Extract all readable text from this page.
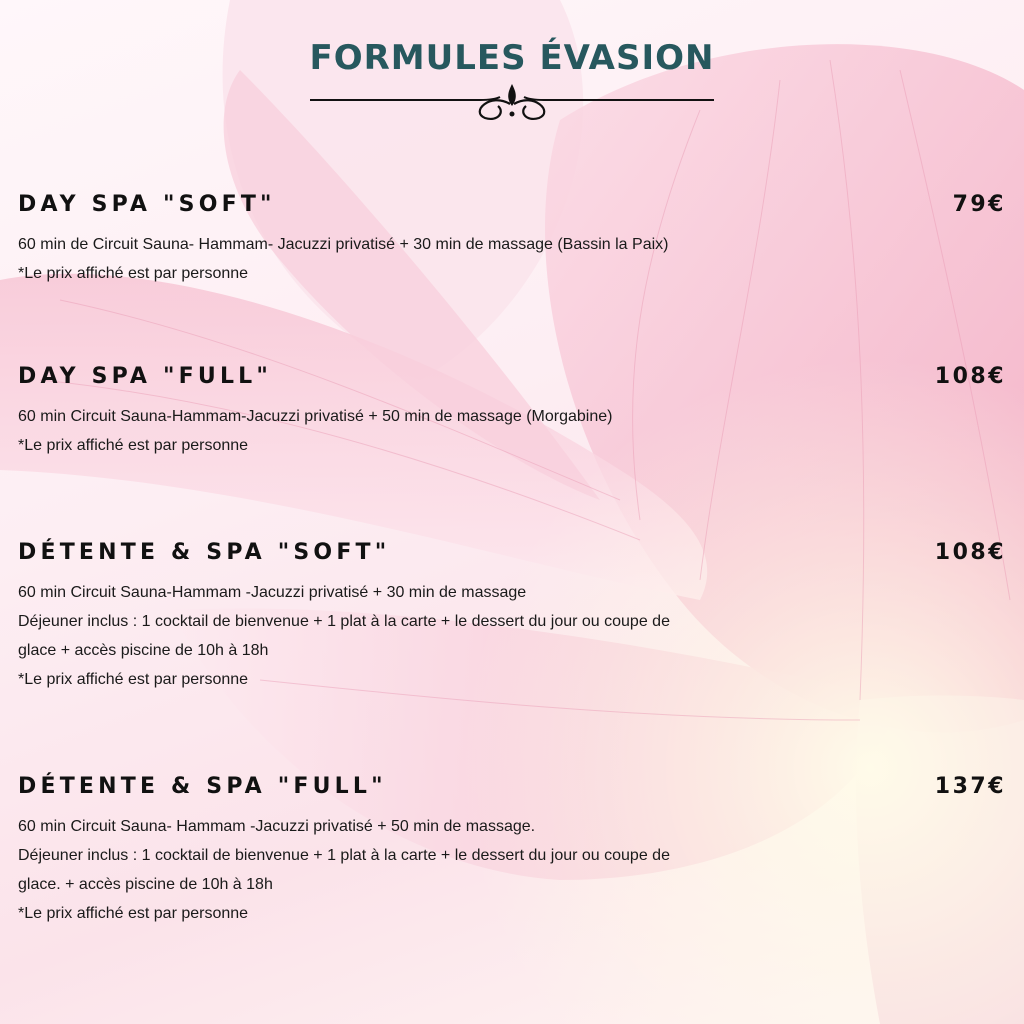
FORMULES ÉVASION
DAY SPA "SOFT"	79€
60 min de Circuit Sauna- Hammam- Jacuzzi privatisé + 30 min de massage (Bassin la Paix)
*Le prix affiché est par personne
DAY SPA "FULL"	108€
60 min Circuit Sauna-Hammam-Jacuzzi privatisé + 50 min de massage (Morgabine)
*Le prix affiché est par personne
DÉTENTE & SPA "SOFT"	108€
60 min Circuit Sauna-Hammam -Jacuzzi privatisé + 30 min de massage
Déjeuner inclus : 1 cocktail de bienvenue + 1 plat à la carte + le dessert du jour ou coupe de
glace + accès piscine de 10h à 18h
*Le prix affiché est par personne
DÉTENTE & SPA "FULL"	137€
60 min Circuit Sauna- Hammam -Jacuzzi privatisé + 50 min de massage.
Déjeuner inclus : 1 cocktail de bienvenue + 1 plat à la carte + le dessert du jour ou coupe de
glace. + accès piscine de 10h à 18h
*Le prix affiché est par personne
